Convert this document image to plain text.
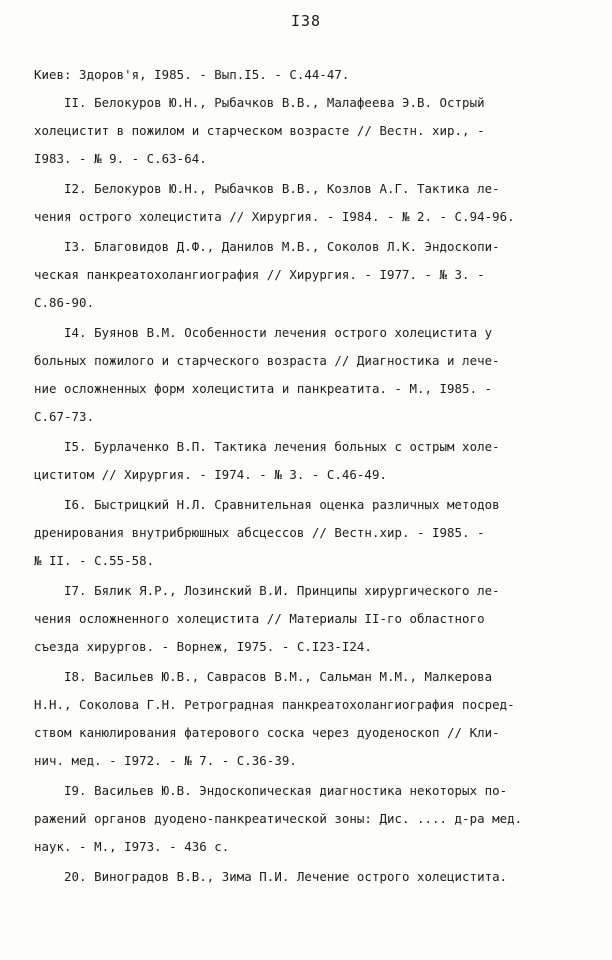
I38
Киев: Здоров'я, I985. - Вып.I5. - С.44-47.
II. Белокуров Ю.Н., Рыбачков В.В., Малафеева Э.В. Острый
холецистит в пожилом и старческом возрасте // Вестн. хир., -
I983. - № 9. - С.63-64.
I2. Белокуров Ю.Н., Рыбачков В.В., Козлов А.Г. Тактика ле-
чения острого холецистита // Хирургия. - I984. - № 2. - С.94-96.
I3. Благовидов Д.Ф., Данилов М.В., Соколов Л.К. Эндоскопи-
ческая панкреатохолангиография // Хирургия. - I977. - № 3. -
С.86-90.
I4. Буянов В.М. Особенности лечения острого холецистита у
больных пожилого и старческого возраста // Диагностика и лече-
ние осложненных форм холецистита и панкреатита. - М., I985. -
С.67-73.
I5. Бурлаченко В.П. Тактика лечения больных с острым холе-
циститом // Хирургия. - I974. - № 3. - С.46-49.
I6. Быстрицкий Н.Л. Сравнительная оценка различных методов
дренирования внутрибрюшных абсцессов // Вестн.хир. - I985. -
№ II. - С.55-58.
I7. Бялик Я.Р., Лозинский В.И. Принципы хирургического ле-
чения осложненного холецистита // Материалы II-го областного
съезда хирургов. - Ворнеж, I975. - С.I23-I24.
I8. Васильев Ю.В., Саврасов В.М., Сальман М.М., Малкерова
Н.Н., Соколова Г.Н. Ретроградная панкреатохолангиография посред-
ством канюлирования фатерового соска через дуоденоскоп // Кли-
нич. мед. - I972. - № 7. - С.36-39.
I9. Васильев Ю.В. Эндоскопическая диагностика некоторых по-
ражений органов дуодено-панкреатической зоны: Дис. .... д-ра мед.
наук. - М., I973. - 436 с.
20. Виноградов В.В., Зима П.И. Лечение острого холецистита.
